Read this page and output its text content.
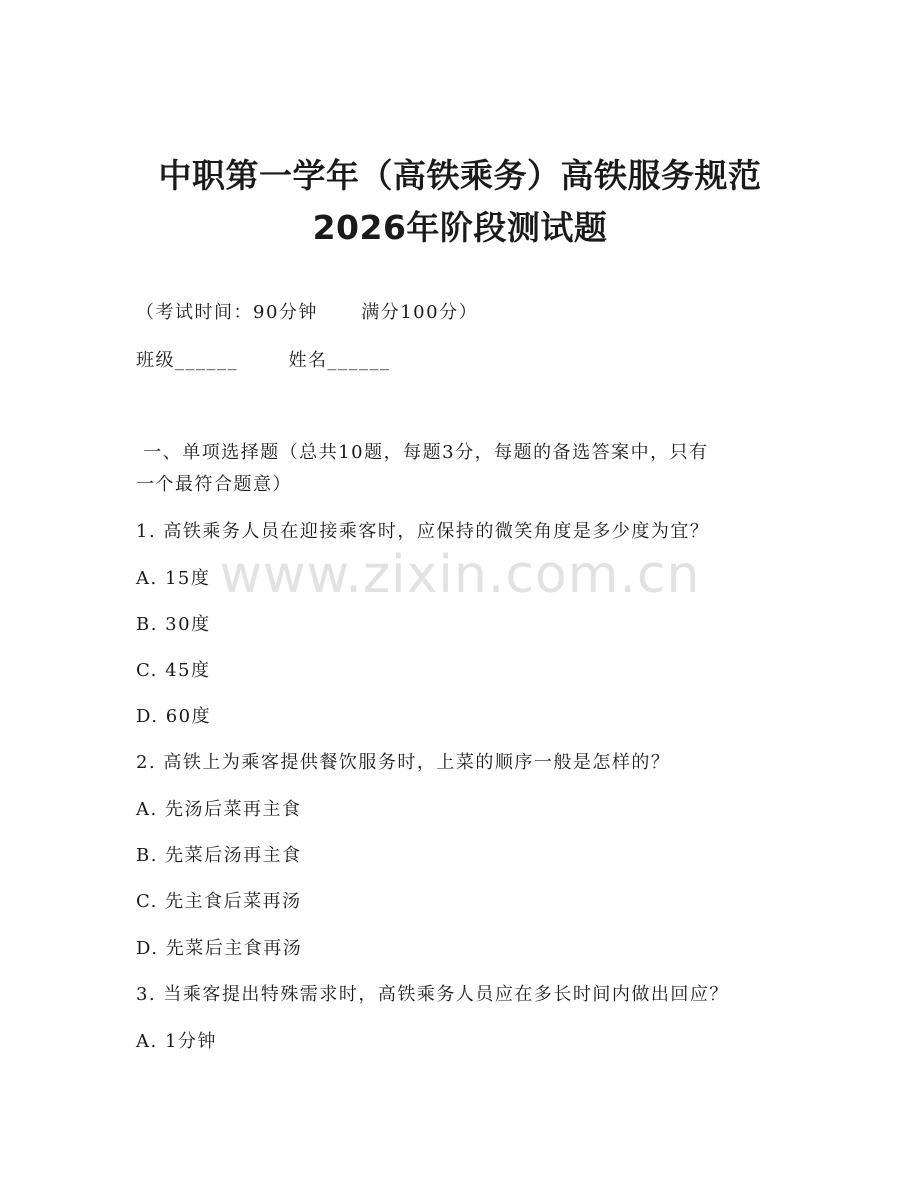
中职第一学年（高铁乘务）高铁服务规范
2026年阶段测试题
（考试时间：90分钟      满分100分）
班级______       姓名______
一、单项选择题（总共10题，每题3分，每题的备选答案中，只有
一个最符合题意）
1. 高铁乘务人员在迎接乘客时，应保持的微笑角度是多少度为宜？
A. 15度
B. 30度
C. 45度
D. 60度
2. 高铁上为乘客提供餐饮服务时，上菜的顺序一般是怎样的？
A. 先汤后菜再主食
B. 先菜后汤再主食
C. 先主食后菜再汤
D. 先菜后主食再汤
3. 当乘客提出特殊需求时，高铁乘务人员应在多长时间内做出回应？
A. 1分钟
www.zixin.com.cn
